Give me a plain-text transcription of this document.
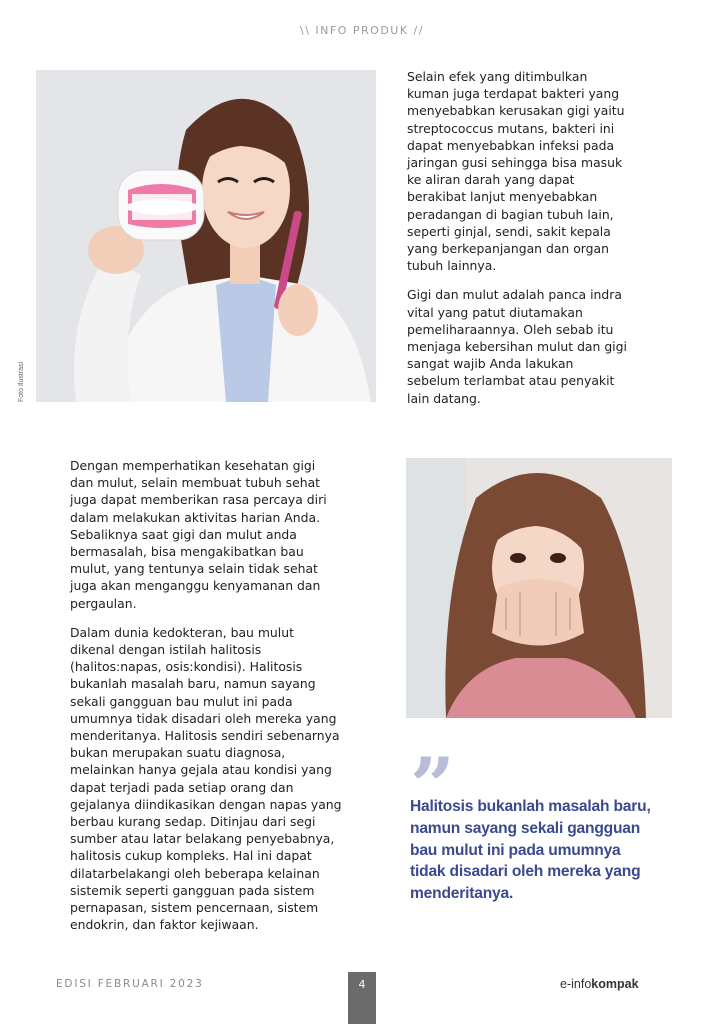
\\ INFO PRODUK //
Foto Ilustrasi

Selain efek yang ditimbulkan kuman juga terdapat bakteri yang menyebabkan kerusakan gigi yaitu streptococcus mutans, bakteri ini dapat menyebabkan infeksi pada jaringan gusi sehingga bisa masuk ke aliran darah yang dapat berakibat lanjut menyebabkan peradangan di bagian tubuh lain, seperti ginjal, sendi, sakit kepala yang berkepanjangan dan organ tubuh lainnya.

Gigi dan mulut adalah panca indra vital yang patut diutamakan pemeliharaannya. Oleh sebab itu menjaga kebersihan mulut dan gigi sangat wajib Anda lakukan sebelum terlambat atau penyakit lain datang.

Dengan memperhatikan kesehatan gigi dan mulut, selain membuat tubuh sehat juga dapat memberikan rasa percaya diri dalam melakukan aktivitas harian Anda. Sebaliknya saat gigi dan mulut anda bermasalah, bisa mengakibatkan bau mulut, yang tentunya selain tidak sehat juga akan menganggu kenyamanan dan pergaulan.

Dalam dunia kedokteran, bau mulut dikenal dengan istilah halitosis (halitos:napas, osis:kondisi). Halitosis bukanlah masalah baru, namun sayang sekali gangguan bau mulut ini pada umumnya tidak disadari oleh mereka yang menderitanya. Halitosis sendiri sebenarnya bukan merupakan suatu diagnosa, melainkan hanya gejala atau kondisi yang dapat terjadi pada setiap orang dan gejalanya diindikasikan dengan napas yang berbau kurang sedap. Ditinjau dari segi sumber atau latar belakang penyebabnya, halitosis cukup kompleks. Hal ini dapat dilatarbelakangi oleh beberapa kelainan sistemik seperti gangguan pada sistem pernapasan, sistem pencernaan, sistem endokrin, dan faktor kejiwaan.

”
Halitosis bukanlah masalah baru, namun sayang sekali gangguan bau mulut ini pada umumnya tidak disadari oleh mereka yang menderitanya.
EDISI FEBRUARI 2023	4	e-infokompak
